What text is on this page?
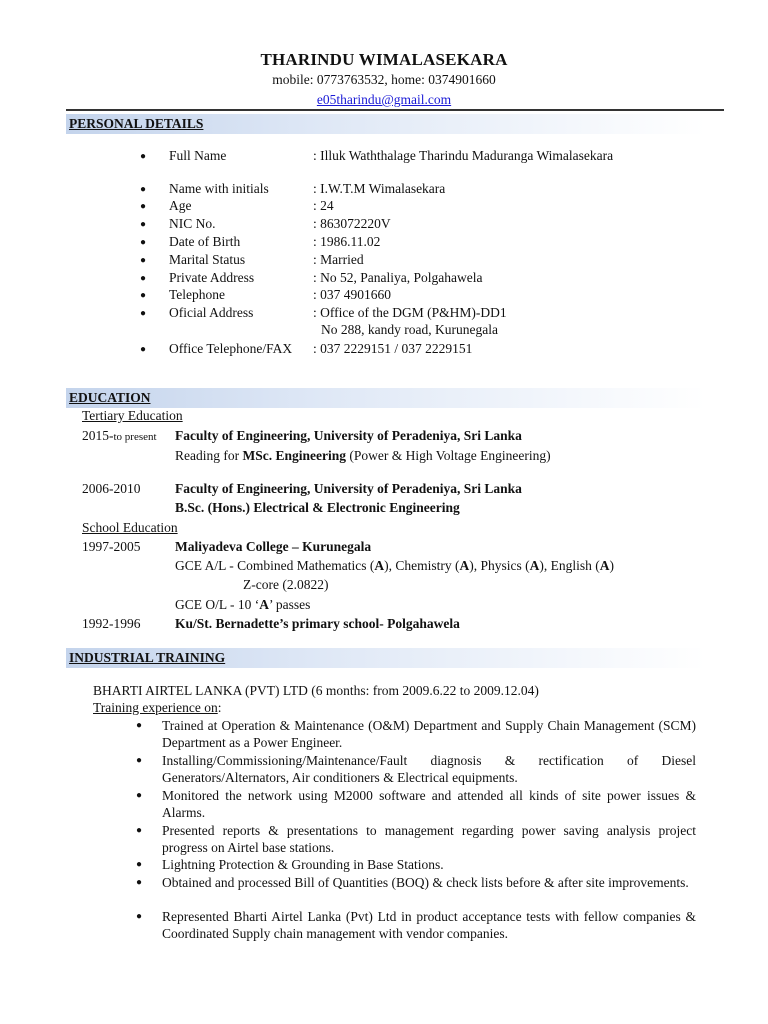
THARINDU WIMALASEKARA
mobile: 0773763532, home: 0374901660
e05tharindu@gmail.com
PERSONAL DETAILS
● Full Name	: Illuk Waththalage Tharindu Maduranga Wimalasekara
● Name with initials	: I.W.T.M Wimalasekara
● Age	: 24
● NIC No.	: 863072220V
● Date of Birth	: 1986.11.02
● Marital Status	: Married
● Private Address	: No 52, Panaliya, Polgahawela
● Telephone	: 037 4901660
● Oficial Address	: Office of the DGM (P&HM)-DD1
No 288, kandy road, Kurunegala
● Office Telephone/FAX : 037 2229151 / 037 2229151
EDUCATION
Tertiary Education
2015-to present Faculty of Engineering, University of Peradeniya, Sri Lanka
Reading for MSc. Engineering (Power & High Voltage Engineering)
2006-2010	Faculty of Engineering, University of Peradeniya, Sri Lanka
B.Sc. (Hons.) Electrical & Electronic Engineering
School Education
1997-2005	Maliyadeva College – Kurunegala
GCE A/L - Combined Mathematics (A), Chemistry (A), Physics (A), English (A)
Z-core (2.0822)
GCE O/L - 10 ‘A’ passes
1992-1996	Ku/St. Bernadette’s primary school- Polgahawela
INDUSTRIAL TRAINING
BHARTI AIRTEL LANKA (PVT) LTD (6 months: from 2009.6.22 to 2009.12.04)
Training experience on:
● Trained at Operation & Maintenance (O&M) Department and Supply Chain Management (SCM) Department as a Power Engineer.
● Installing/Commissioning/Maintenance/Fault diagnosis & rectification of Diesel Generators/Alternators, Air conditioners & Electrical equipments.
● Monitored the network using M2000 software and attended all kinds of site power issues & Alarms.
● Presented reports & presentations to management regarding power saving analysis project progress on Airtel base stations.
● Lightning Protection & Grounding in Base Stations.
● Obtained and processed Bill of Quantities (BOQ) & check lists before & after site improvements.
● Represented Bharti Airtel Lanka (Pvt) Ltd in product acceptance tests with fellow companies & Coordinated Supply chain management with vendor companies.
